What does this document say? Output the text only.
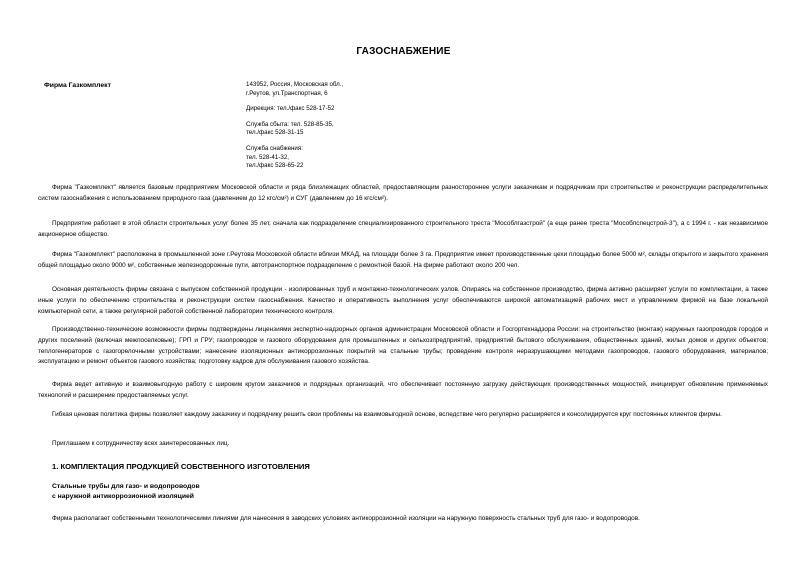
ГАЗОСНАБЖЕНИЕ
Фирма Газкомплект	143952, Россия, Московская обл.,
г.Реутов, ул.Транспортная, 6
Дирекция: тел./факс 528-17-52
Служба сбыта: тел. 528-85-35,
тел./факс 528-31-15
Служба снабжения:
тел. 528-41-32,
тел./факс 528-65-22

Фирма "Газкомплект" является базовым предприятием Московской области и ряда близлежащих областей, предоставляющим разностороннее услуги заказчикам и подрядчикам при строительстве и реконструкции распределительных систем газоснабжения с использованием природного газа (давлением до 12 кгс/см²) и СУГ (давлением до 16 кгс/см²).

Предприятие работает в этой области строительных услуг более 35 лет, сначала как подразделение специализированного строительного треста "Мособлгазстрой" (а еще ранее треста "Мособлспецстрой-3"), а с 1994 г. - как независимое акционерное общество.

Фирма "Газкомплект" расположена в промышленной зоне г.Реутова Московской области вблизи МКАД, на площади более 3 га. Предприятие имеет производственные цехи площадью более 5000 м², склады открытого и закрытого хранения общей площадью около 9000 м², собственные железнодорожные пути, автотранспортное подразделение с ремонтной базой. На фирме работают около 200 чел.

Основная деятельность фирмы связана с выпуском собственной продукции - изолированных труб и монтажно-технологических узлов. Опираясь на собственное производство, фирма активно расширяет услуги по комплектации, а также иные услуги по обеспечению строительства и реконструкции систем газоснабжения. Качество и оперативность выполнения услуг обеспечиваются широкой автоматизацией рабочих мест и управлением фирмой на базе локальной компьютерной сети, а также регулярной работой собственной лаборатории технического контроля.

Производственно-технические возможности фирмы подтверждены лицензиями экспертно-надзорных органов администрации Московской области и Госгортехнадзора России: на строительство (монтаж) наружных газопроводов городов и других поселений (включая межпоселковые); ГРП и ГРУ; газопроводов и газового оборудования для промышленных и сельхозпредприятий, предприятий бытового обслуживания, общественных зданий, жилых домов и других объектов; теплогенераторов с газогорелочными устройствами; нанесение изоляционных антикоррозионных покрытий на стальные трубы; проведение контроля неразрушающими методами газопроводов, газового оборудования, материалов; эксплуатацию и ремонт объектов газового хозяйства; подготовку кадров для обслуживания газового хозяйства.

Фирма ведет активную и взаимовыгодную работу с широким кругом заказчиков и подрядных организаций, что обеспечивает постоянную загрузку действующих производственных мощностей, инициирует обновление применяемых технологий и расширение предоставляемых услуг.

Гибкая ценовая политика фирмы позволяет каждому заказчику и подрядчику решить свои проблемы на взаимовыгодной основе, вследствие чего регулярно расширяется и консолидируется круг постоянных клиентов фирмы.

Приглашаем к сотрудничеству всех заинтересованных лиц.

1. КОМПЛЕКТАЦИЯ ПРОДУКЦИЕЙ СОБСТВЕННОГО ИЗГОТОВЛЕНИЯ
Стальные трубы для газо- и водопроводов
с наружной антикоррозионной изоляцией

Фирма располагает собственными технологическими линиями для нанесения в заводских условиях антикоррозионной изоляции на наружную поверхность стальных труб для газо- и водопроводов.
